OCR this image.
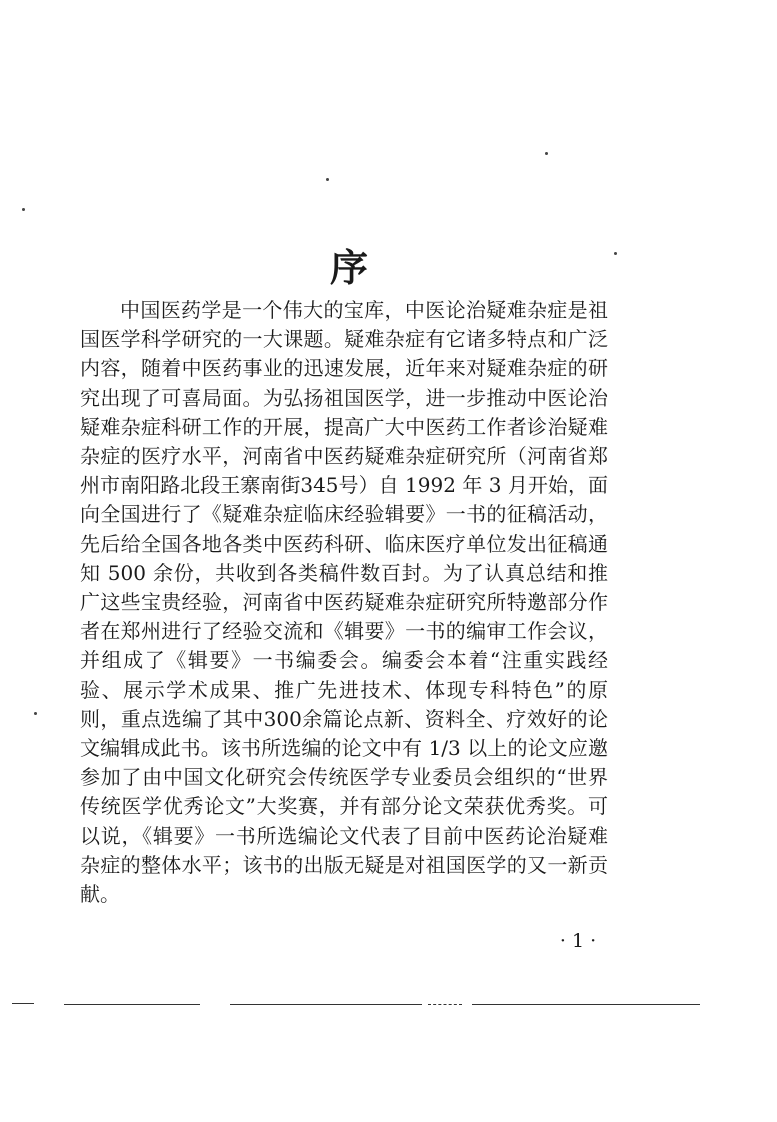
序

中国医药学是一个伟大的宝库，中医论治疑难杂症是祖国医学科学研究的一大课题。疑难杂症有它诸多特点和广泛内容，随着中医药事业的迅速发展，近年来对疑难杂症的研究出现了可喜局面。为弘扬祖国医学，进一步推动中医论治疑难杂症科研工作的开展，提高广大中医药工作者诊治疑难杂症的医疗水平，河南省中医药疑难杂症研究所（河南省郑州市南阳路北段王寨南街345号）自 1992 年 3 月开始，面向全国进行了《疑难杂症临床经验辑要》一书的征稿活动，先后给全国各地各类中医药科研、临床医疗单位发出征稿通知 500 余份，共收到各类稿件数百封。为了认真总结和推广这些宝贵经验，河南省中医药疑难杂症研究所特邀部分作者在郑州进行了经验交流和《辑要》一书的编审工作会议，并组成了《辑要》一书编委会。编委会本着“注重实践经验、展示学术成果、推广先进技术、体现专科特色”的原则，重点选编了其中300余篇论点新、资料全、疗效好的论文编辑成此书。该书所选编的论文中有 1/3 以上的论文应邀参加了由中国文化研究会传统医学专业委员会组织的“世界传统医学优秀论文”大奖赛，并有部分论文荣获优秀奖。可以说，《辑要》一书所选编论文代表了目前中医药论治疑难杂症的整体水平；该书的出版无疑是对祖国医学的又一新贡献。

· 1 ·
